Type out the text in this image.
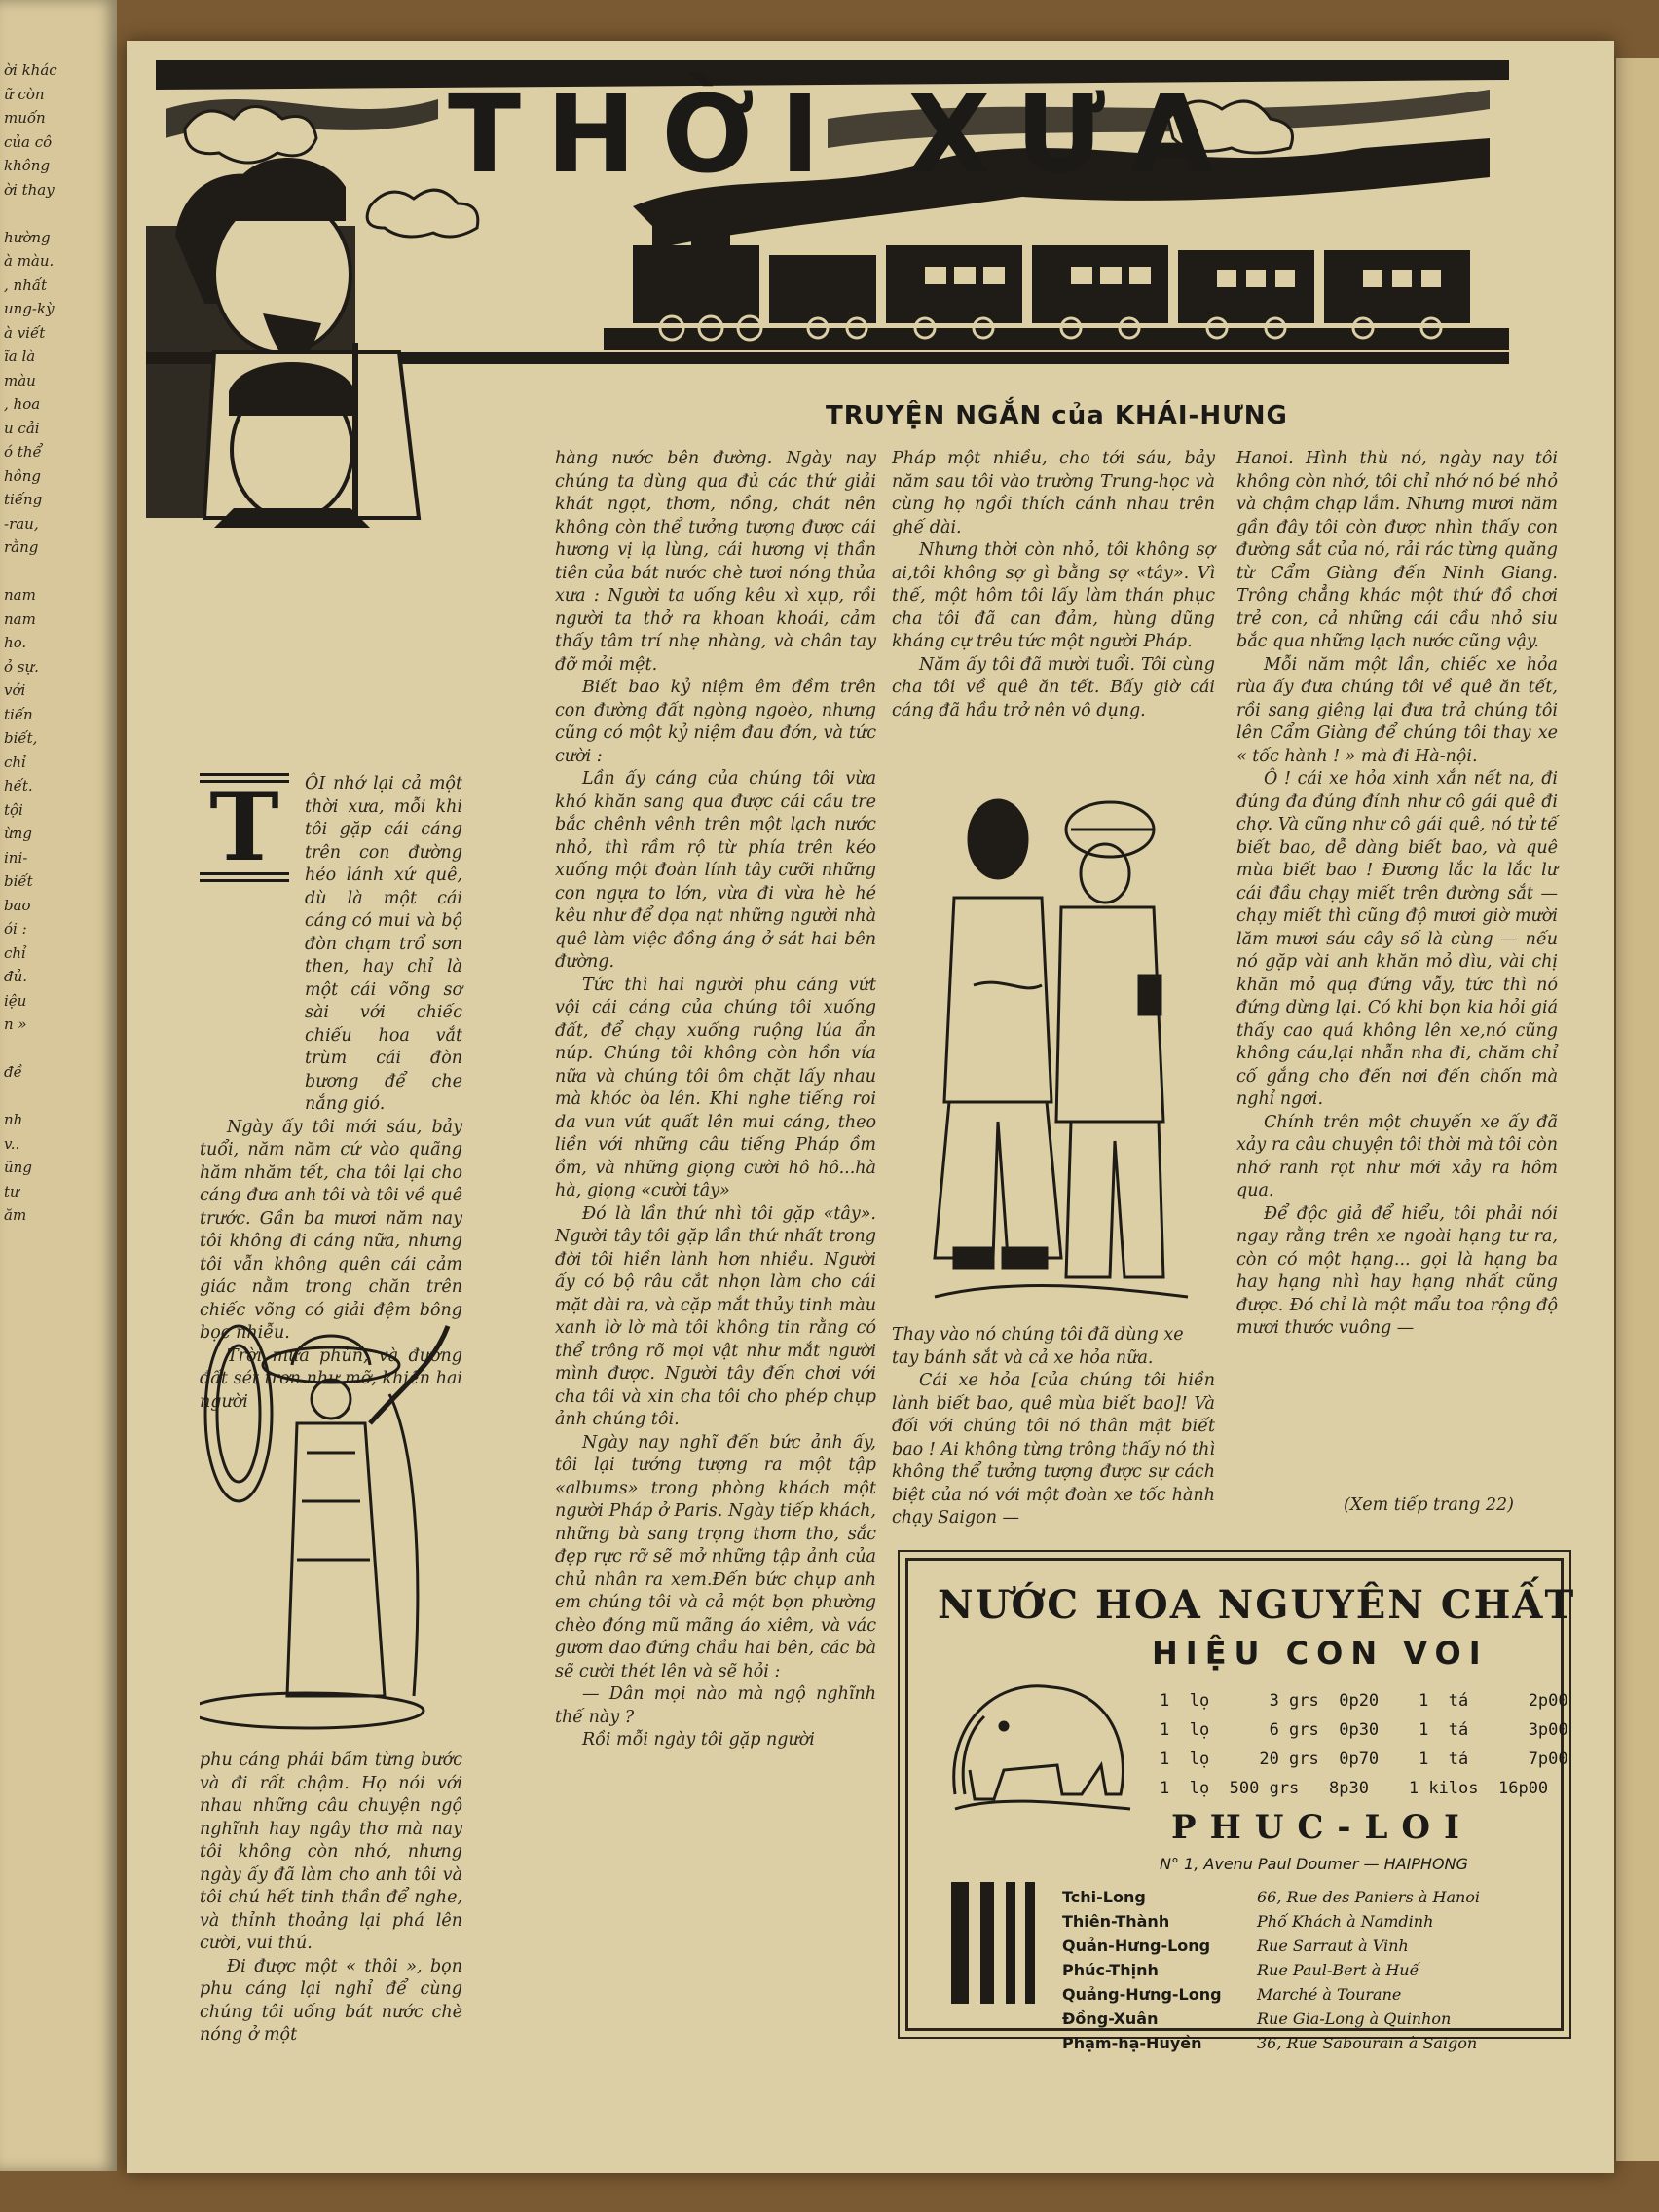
ời khác
ữ còn
muốn
của cô
không
ời thay
hường
à màu.
, nhất
ung-kỳ
à viết
ĩa là
màu
, hoa
u cải
ó thể
hông
tiếng
-rau,
rằng
nam
nam
ho.
ỏ sự.
với
tiến
biết,
chỉ
hết.
tội
ừng
ini-
biết
bao
ói :
chỉ
đủ.
iệu
n »
đề
nh
v..
ũng
tư
ăm
THỜI XƯA
TRUYỆN NGẮN của KHÁI-HƯNG
T	ÔI nhớ lại cả một thời xưa, mỗi khi tôi gặp cái cáng trên con đường hẻo lánh xứ quê, dù là một cái cáng có mui và bộ đòn chạm trổ sơn then, hay chỉ là một cái võng sơ sài với chiếc chiếu hoa vắt trùm cái đòn bương để che nắng gió.

Ngày ấy tôi mới sáu, bảy tuổi, năm năm cứ vào quãng hăm nhăm tết, cha tôi lại cho cáng đưa anh tôi và tôi về quê trước. Gần ba mươi năm nay tôi không đi cáng nữa, nhưng tôi vẫn không quên cái cảm giác nằm trong chăn trên chiếc võng có giải đệm bông bọc nhiễu.

Trời mưa phùn, và đường đất sét trơn như mỡ, khiến hai người

phu cáng phải bấm từng bước và đi rất chậm. Họ nói với nhau những câu chuyện ngộ nghĩnh hay ngây thơ mà nay tôi không còn nhớ, nhưng ngày ấy đã làm cho anh tôi và tôi chú hết tinh thần để nghe, và thỉnh thoảng lại phá lên cười, vui thú.

Đi được một « thôi », bọn phu cáng lại nghỉ để cùng chúng tôi uống bát nước chè nóng ở một

hàng nước bên đường. Ngày nay chúng ta dùng qua đủ các thứ giải khát ngọt, thơm, nồng, chát nên không còn thể tưởng tượng được cái hương vị lạ lùng, cái hương vị thần tiên của bát nước chè tươi nóng thủa xưa : Người ta uống kêu xì xụp, rồi người ta thở ra khoan khoái, cảm thấy tâm trí nhẹ nhàng, và chân tay đỡ mỏi mệt.

Biết bao kỷ niệm êm đềm trên con đường đất ngòng ngoèo, nhưng cũng có một kỷ niệm đau đớn, và tức cười :

Lần ấy cáng của chúng tôi vừa khó khăn sang qua được cái cầu tre bắc chênh vênh trên một lạch nước nhỏ, thì rầm rộ từ phía trên kéo xuống một đoàn lính tây cưỡi những con ngựa to lớn, vừa đi vừa hè hé kêu như để dọa nạt những người nhà quê làm việc đồng áng ở sát hai bên đường.

Tức thì hai người phu cáng vứt vội cái cáng của chúng tôi xuống đất, để chạy xuống ruộng lúa ẩn núp. Chúng tôi không còn hồn vía nữa và chúng tôi ôm chặt lấy nhau mà khóc òa lên. Khi nghe tiếng roi da vun vút quất lên mui cáng, theo liền với những câu tiếng Pháp ồm ồm, và những giọng cười hô hô...hà hà, giọng «cười tây»

Đó là lần thứ nhì tôi gặp «tây». Người tây tôi gặp lần thứ nhất trong đời tôi hiền lành hơn nhiều. Người ấy có bộ râu cắt nhọn làm cho cái mặt dài ra, và cặp mắt thủy tinh màu xanh lờ lờ mà tôi không tin rằng có thể trông rõ mọi vật như mắt người mình được. Người tây đến chơi với cha tôi và xin cha tôi cho phép chụp ảnh chúng tôi.

Ngày nay nghĩ đến bức ảnh ấy, tôi lại tưởng tượng ra một tập «albums» trong phòng khách một người Pháp ở Paris. Ngày tiếp khách, những bà sang trọng thơm tho, sắc đẹp rực rỡ sẽ mở những tập ảnh của chủ nhân ra xem.Đến bức chụp anh em chúng tôi và cả một bọn phường chèo đóng mũ mãng áo xiêm, và vác gươm dao đứng chầu hai bên, các bà sẽ cười thét lên và sẽ hỏi :

— Dân mọi nào mà ngộ nghĩnh thế này ?

Rồi mỗi ngày tôi gặp người

Pháp một nhiều, cho tới sáu, bảy năm sau tôi vào trường Trung-học và cùng họ ngồi thích cánh nhau trên ghế dài.

Nhưng thời còn nhỏ, tôi không sợ ai,tôi không sợ gì bằng sợ «tây». Vì thế, một hôm tôi lấy làm thán phục cha tôi đã can đảm, hùng dũng kháng cự trêu tức một người Pháp.

Năm ấy tôi đã mười tuổi. Tôi cùng cha tôi về quê ăn tết. Bấy giờ cái cáng đã hầu trở nên vô dụng.

Thay vào nó chúng tôi đã dùng xe tay bánh sắt và cả xe hỏa nữa.

Cái xe hỏa [của chúng tôi hiền lành biết bao, quê mùa biết bao]! Và đối với chúng tôi nó thân mật biết bao ! Ai không từng trông thấy nó thì không thể tưởng tượng được sự cách biệt của nó với một đoàn xe tốc hành chạy Saigon —

Hanoi. Hình thù nó, ngày nay tôi không còn nhớ, tôi chỉ nhớ nó bé nhỏ và chậm chạp lắm. Nhưng mươi năm gần đây tôi còn được nhìn thấy con đường sắt của nó, rải rác từng quãng từ Cẩm Giàng đến Ninh Giang. Trông chẳng khác một thứ đồ chơi trẻ con, cả những cái cầu nhỏ siu bắc qua những lạch nước cũng vậy.

Mỗi năm một lần, chiếc xe hỏa rùa ấy đưa chúng tôi về quê ăn tết, rồi sang giêng lại đưa trả chúng tôi lên Cẩm Giàng để chúng tôi thay xe « tốc hành ! » mà đi Hà-nội.

Ô ! cái xe hỏa xinh xắn nết na, đi đủng đa đủng đỉnh như cô gái quê đi chợ. Và cũng như cô gái quê, nó tử tế biết bao, dễ dàng biết bao, và quê mùa biết bao ! Đương lắc la lắc lư cái đầu chạy miết trên đường sắt — chạy miết thì cũng độ mươi giờ mười lăm mươi sáu cây số là cùng — nếu nó gặp vài anh khăn mỏ dìu, vài chị khăn mỏ quạ đứng vẫy, tức thì nó đứng dừng lại. Có khi bọn kia hỏi giá thấy cao quá không lên xe,nó cũng không cáu,lại nhẫn nha đi, chăm chỉ cố gắng cho đến nơi đến chốn mà nghỉ ngơi.

Chính trên một chuyến xe ấy đã xảy ra câu chuyện tôi thời mà tôi còn nhớ ranh rọt như mới xảy ra hôm qua.

Để độc giả để hiểu, tôi phải nói ngay rằng trên xe ngoài hạng tư ra, còn có một hạng... gọi là hạng ba hay hạng nhì hay hạng nhất cũng được. Đó chỉ là một mẩu toa rộng độ mươi thước vuông —

(Xem tiếp trang 22)
NƯỚC HOA NGUYÊN CHẤT
HIỆU CON VOI
1  lọ      3 grs  0p20    1  tá      2p00
1  lọ      6 grs  0p30    1  tá      3p00
1  lọ     20 grs  0p70    1  tá      7p00
1  lọ  500 grs   8p30    1 kilos  16p00
PHUC-LOI
N° 1, Avenu Paul Doumer — HAIPHONG
Tchi-Long	66, Rue des Paniers à Hanoi
Thiên-Thành	Phố Khách à Namdinh
Quản-Hưng-Long	Rue Sarraut à Vinh
Phúc-Thịnh	Rue Paul-Bert à Huế
Quảng-Hưng-Long	Marché à Tourane
Đồng-Xuân	Rue Gia-Long à Quinhon
Phạm-hạ-Huyền	36, Rue Sabourain à Saigon
